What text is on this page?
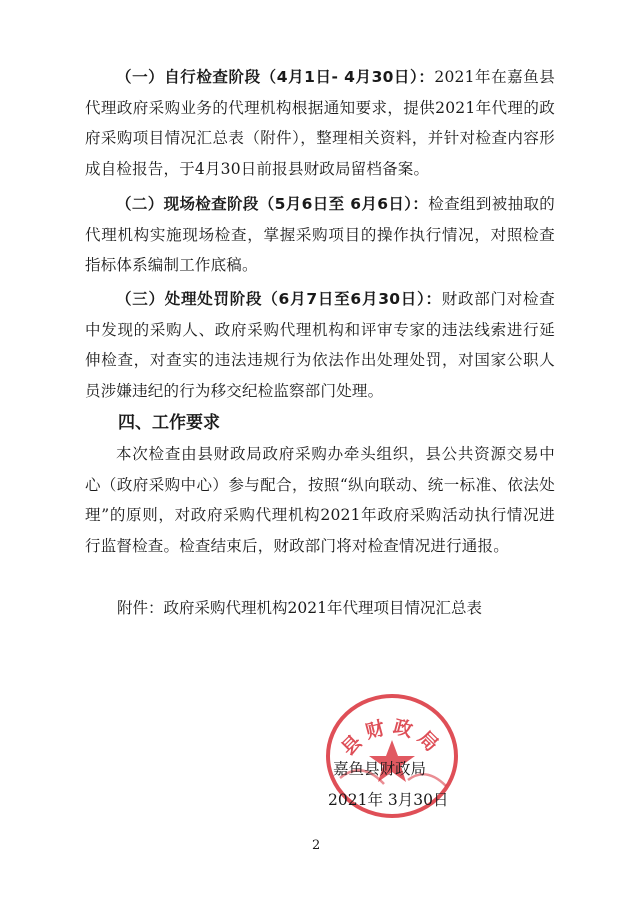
（一）自行检查阶段（4月1日- 4月30日）：2021年在嘉鱼县代理政府采购业务的代理机构根据通知要求，提供2021年代理的政府采购项目情况汇总表（附件），整理相关资料，并针对检查内容形成自检报告，于4月30日前报县财政局留档备案。

（二）现场检查阶段（5月6日至 6月6日）：检查组到被抽取的代理机构实施现场检查，掌握采购项目的操作执行情况，对照检查指标体系编制工作底稿。

（三）处理处罚阶段（6月7日至6月30日）：财政部门对检查中发现的采购人、政府采购代理机构和评审专家的违法线索进行延伸检查，对查实的违法违规行为依法作出处理处罚，对国家公职人员涉嫌违纪的行为移交纪检监察部门处理。

四、工作要求

本次检查由县财政局政府采购办牵头组织，县公共资源交易中心（政府采购中心）参与配合，按照“纵向联动、统一标准、依法处理”的原则，对政府采购代理机构2021年政府采购活动执行情况进行监督检查。检查结束后，财政部门将对检查情况进行通报。

附件：政府采购代理机构2021年代理项目情况汇总表

县财政局
嘉鱼县财政局
2021年 3月30日
2
